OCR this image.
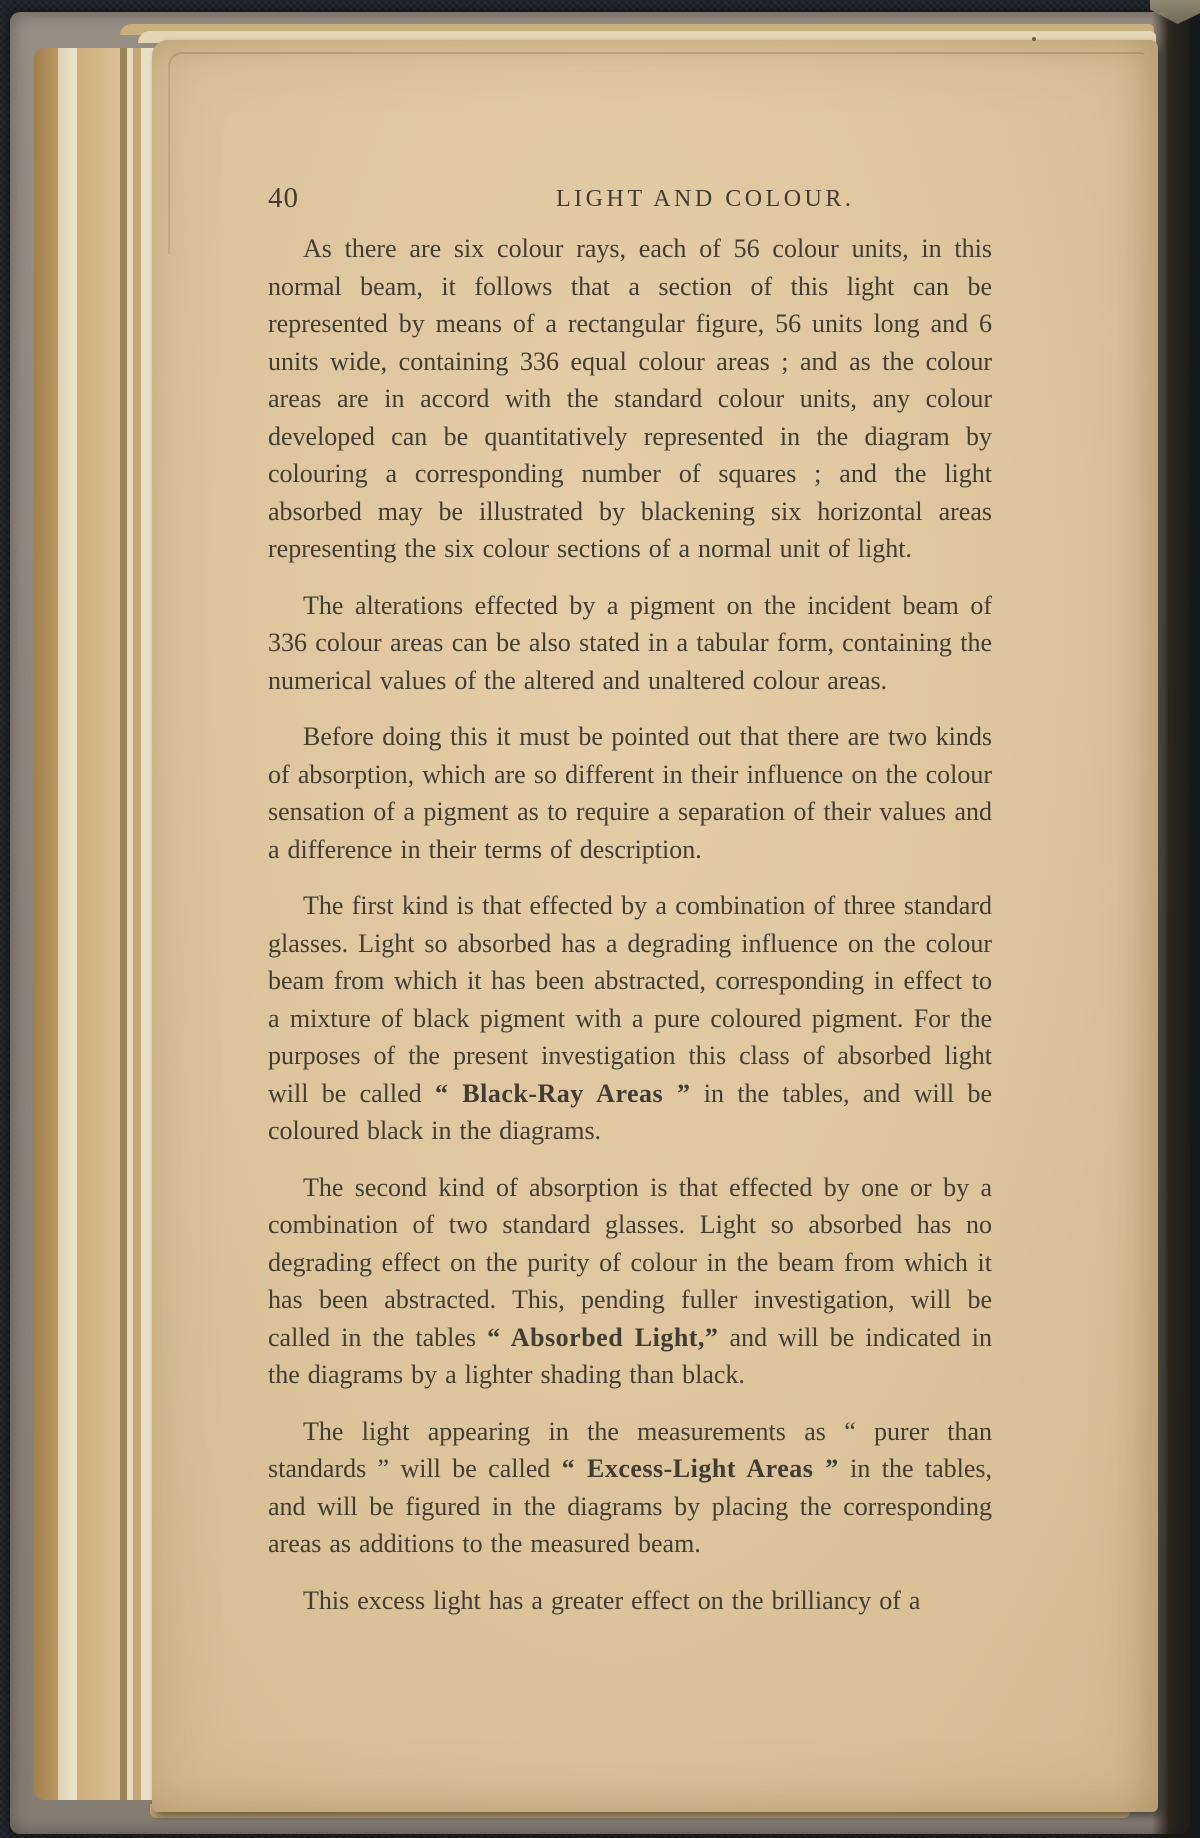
40	LIGHT AND COLOUR.

As there are six colour rays, each of 56 colour units, in this normal beam, it follows that a section of this light can be represented by means of a rectangular figure, 56 units long and 6 units wide, containing 336 equal colour areas ; and as the colour areas are in accord with the standard colour units, any colour developed can be quantitatively represented in the diagram by colouring a corresponding number of squares ; and the light absorbed may be illustrated by blackening six horizontal areas representing the six colour sections of a normal unit of light.

The alterations effected by a pigment on the incident beam of 336 colour areas can be also stated in a tabular form, containing the numerical values of the altered and unaltered colour areas.

Before doing this it must be pointed out that there are two kinds of absorption, which are so different in their influence on the colour sensation of a pigment as to require a separation of their values and a difference in their terms of description.

The first kind is that effected by a combination of three standard glasses. Light so absorbed has a degrading influence on the colour beam from which it has been abstracted, corresponding in effect to a mixture of black pigment with a pure coloured pigment. For the purposes of the present investigation this class of absorbed light will be called “ Black-Ray Areas ” in the tables, and will be coloured black in the diagrams.

The second kind of absorption is that effected by one or by a combination of two standard glasses. Light so absorbed has no degrading effect on the purity of colour in the beam from which it has been abstracted. This, pending fuller investigation, will be called in the tables “ Absorbed Light,” and will be indicated in the diagrams by a lighter shading than black.

The light appearing in the measurements as “ purer than standards ” will be called “ Excess-Light Areas ” in the tables, and will be figured in the diagrams by placing the corresponding areas as additions to the measured beam.

This excess light has a greater effect on the brilliancy of a
